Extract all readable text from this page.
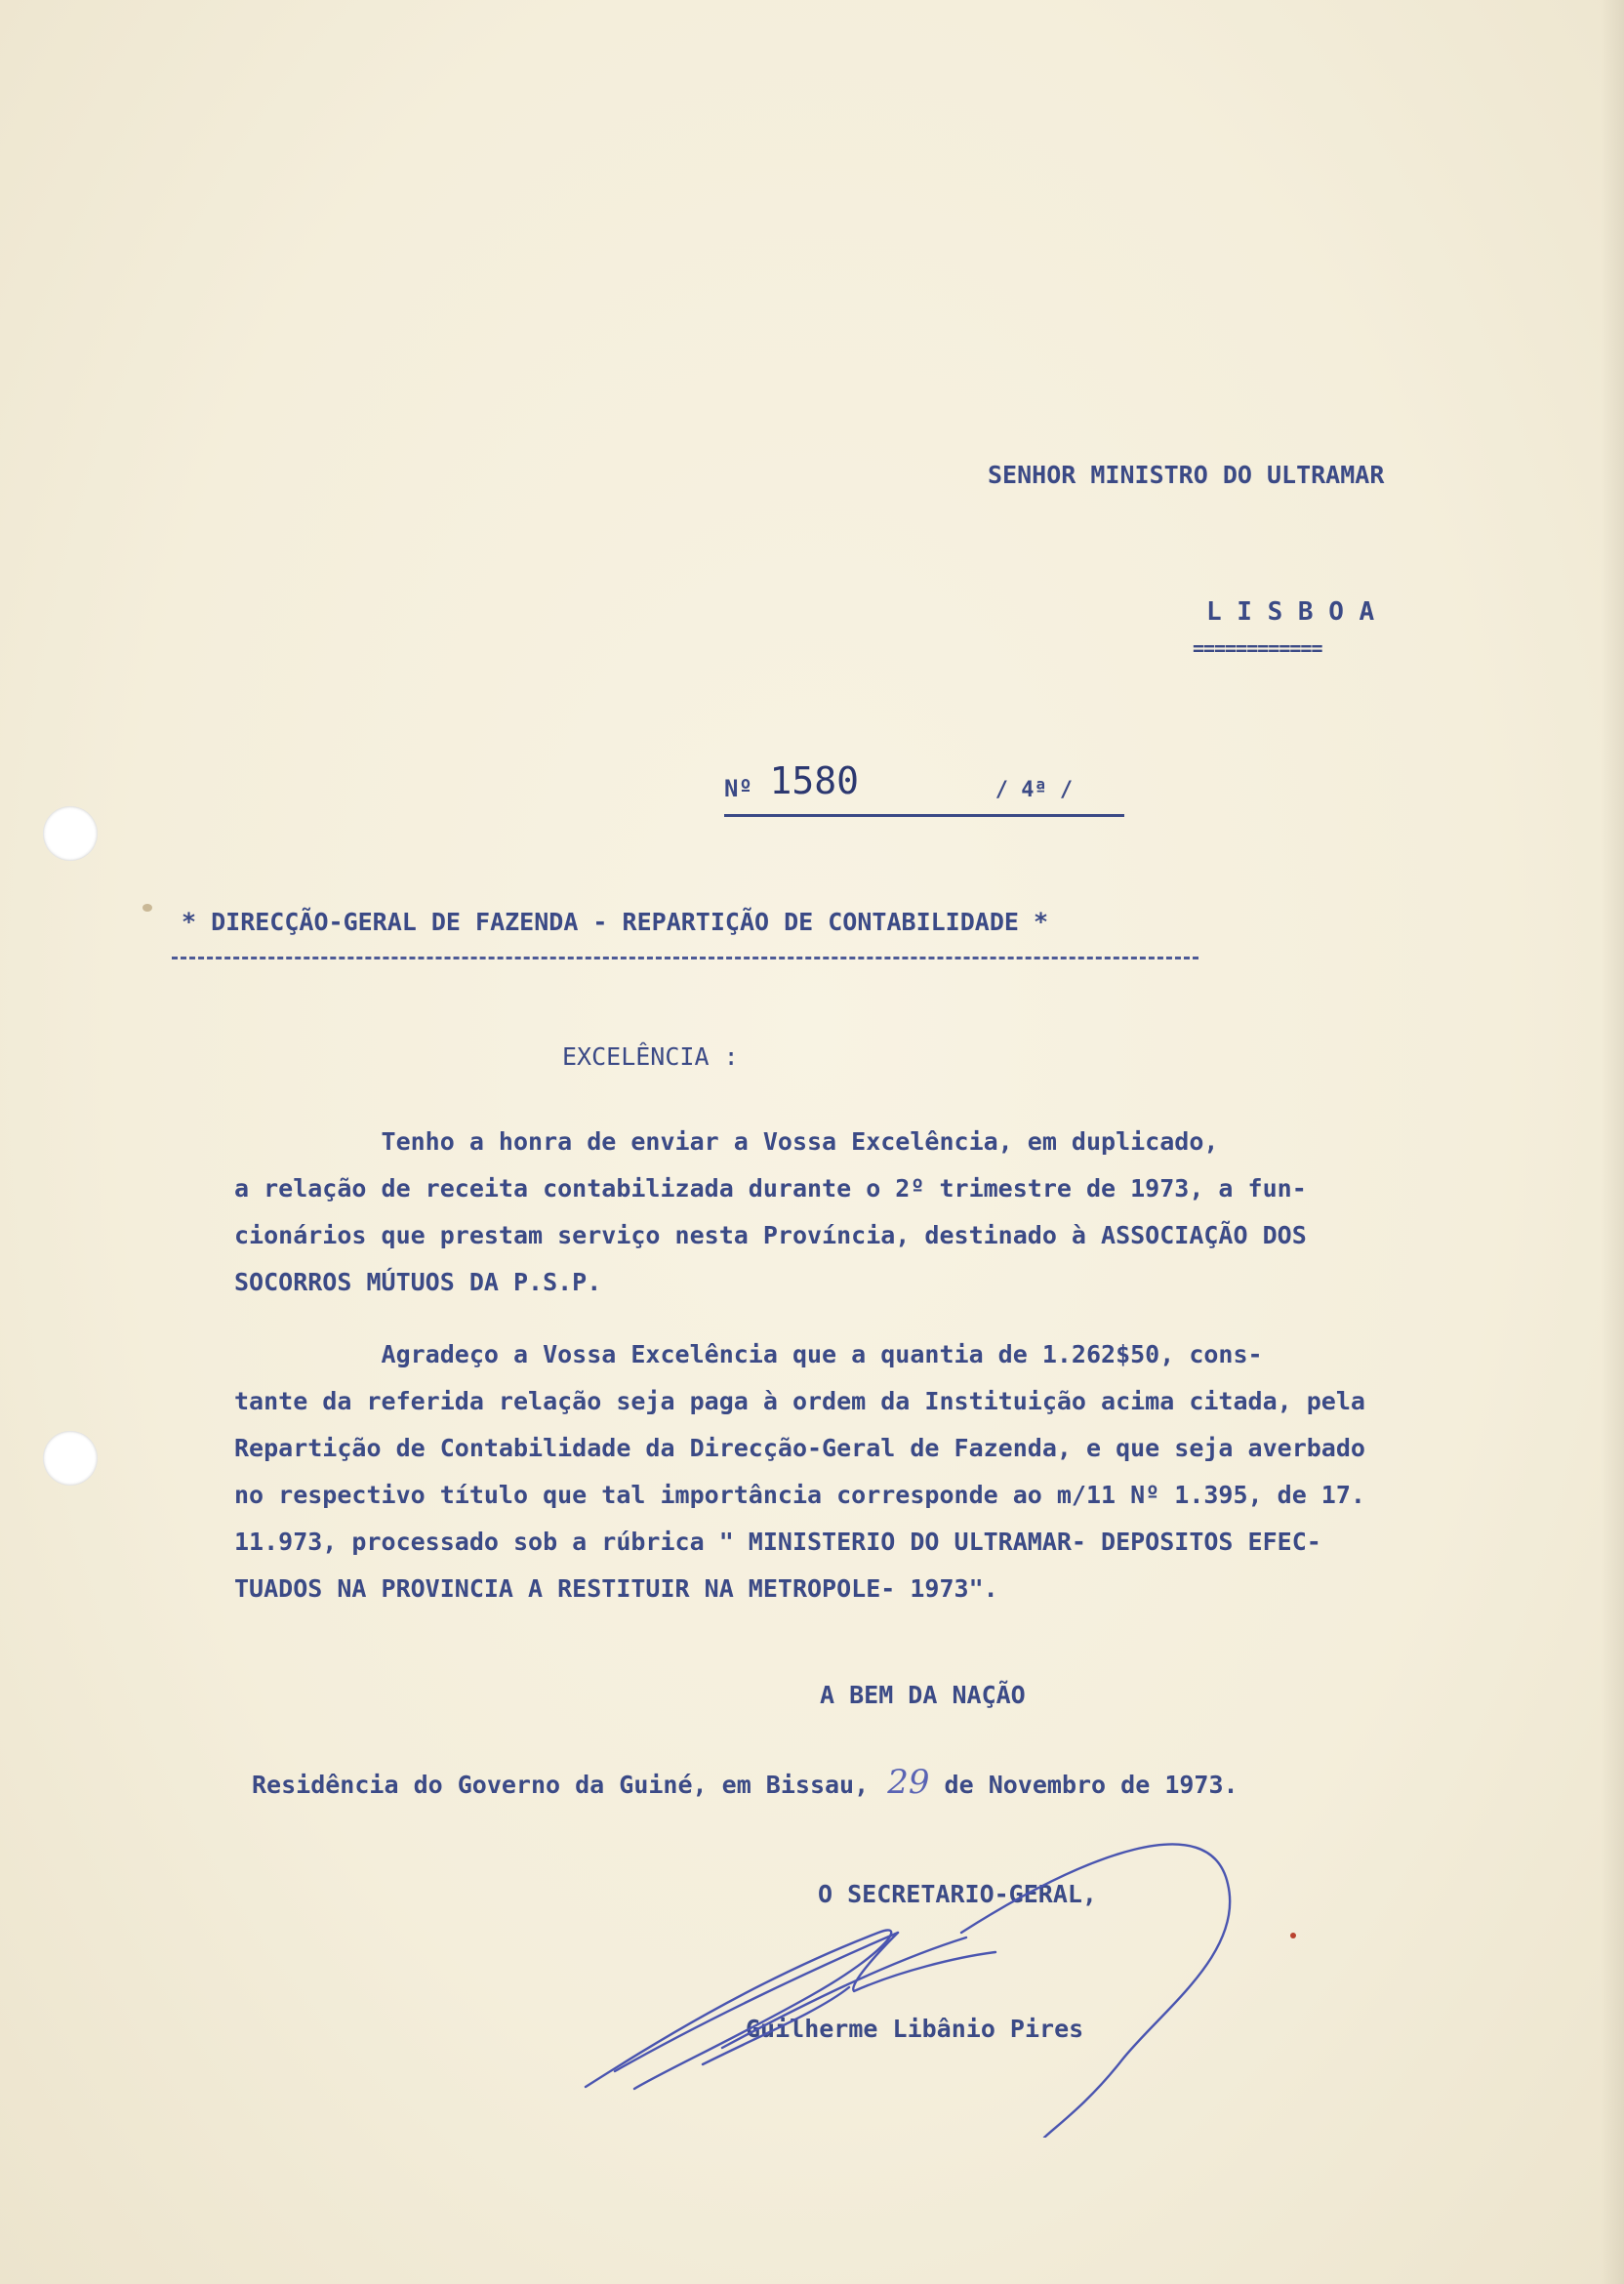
SENHOR MINISTRO DO ULTRAMAR
L I S B O A
============
Nº 1580	/ 4ª /
* DIRECÇÃO-GERAL DE FAZENDA - REPARTIÇÃO DE CONTABILIDADE *
EXCELÊNCIA :
Tenho a honra de enviar a Vossa Excelência, em duplicado,
a relação de receita contabilizada durante o 2º trimestre de 1973, a fun-
cionários que prestam serviço nesta Província, destinado à ASSOCIAÇÃO DOS
SOCORROS MÚTUOS DA P.S.P.
Agradeço a Vossa Excelência que a quantia de 1.262$50, cons-
tante da referida relação seja paga à ordem da Instituição acima citada, pela
Repartição de Contabilidade da Direcção-Geral de Fazenda, e que seja averbado
no respectivo título que tal importância corresponde ao m/11 Nº 1.395, de 17.
11.973, processado sob a rúbrica " MINISTERIO DO ULTRAMAR- DEPOSITOS EFEC-
TUADOS NA PROVINCIA A RESTITUIR NA METROPOLE- 1973".
A BEM DA NAÇÃO
Residência do Governo da Guiné, em Bissau, 29 de Novembro de 1973.
O SECRETARIO-GERAL,
Guilherme Libânio Pires
